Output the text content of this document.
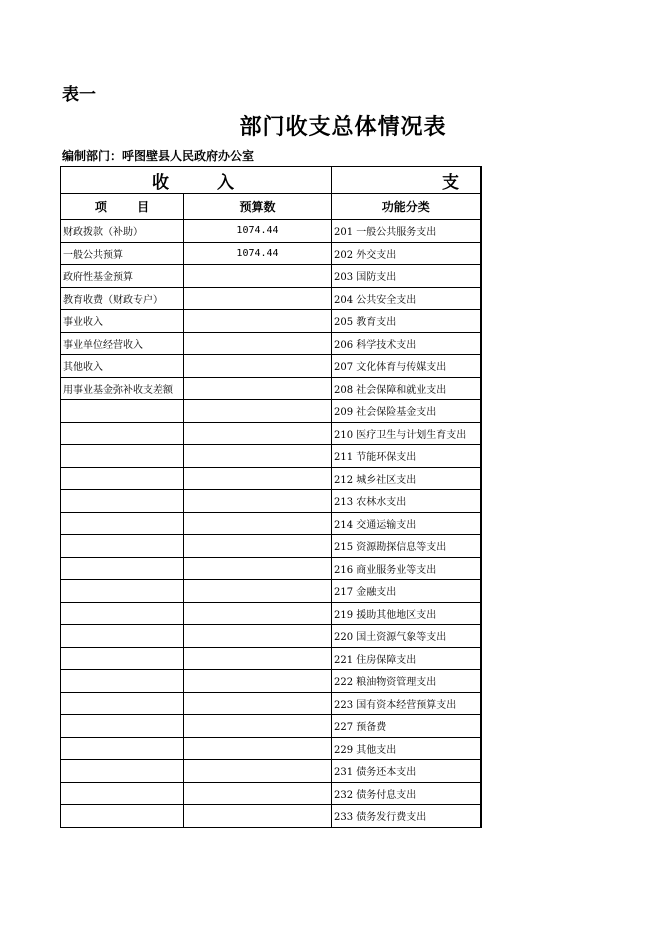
表一
部门收支总体情况表
编制部门：呼图壁县人民政府办公室
收入		支
项 目	预算数	功能分类
财政拨款（补助）	1074.44	201 一般公共服务支出
一般公共预算	1074.44	202 外交支出
政府性基金预算		203 国防支出
教育收费（财政专户）		204 公共安全支出
事业收入		205 教育支出
事业单位经营收入		206 科学技术支出
其他收入		207 文化体育与传媒支出
用事业基金弥补收支差额		208 社会保障和就业支出
		209 社会保险基金支出
		210 医疗卫生与计划生育支出
		211 节能环保支出
		212 城乡社区支出
		213 农林水支出
		214 交通运输支出
		215 资源勘探信息等支出
		216 商业服务业等支出
		217 金融支出
		219 援助其他地区支出
		220 国土资源气象等支出
		221 住房保障支出
		222 粮油物资管理支出
		223 国有资本经营预算支出
		227 预备费
		229 其他支出
		231 债务还本支出
		232 债务付息支出
		233 债务发行费支出
